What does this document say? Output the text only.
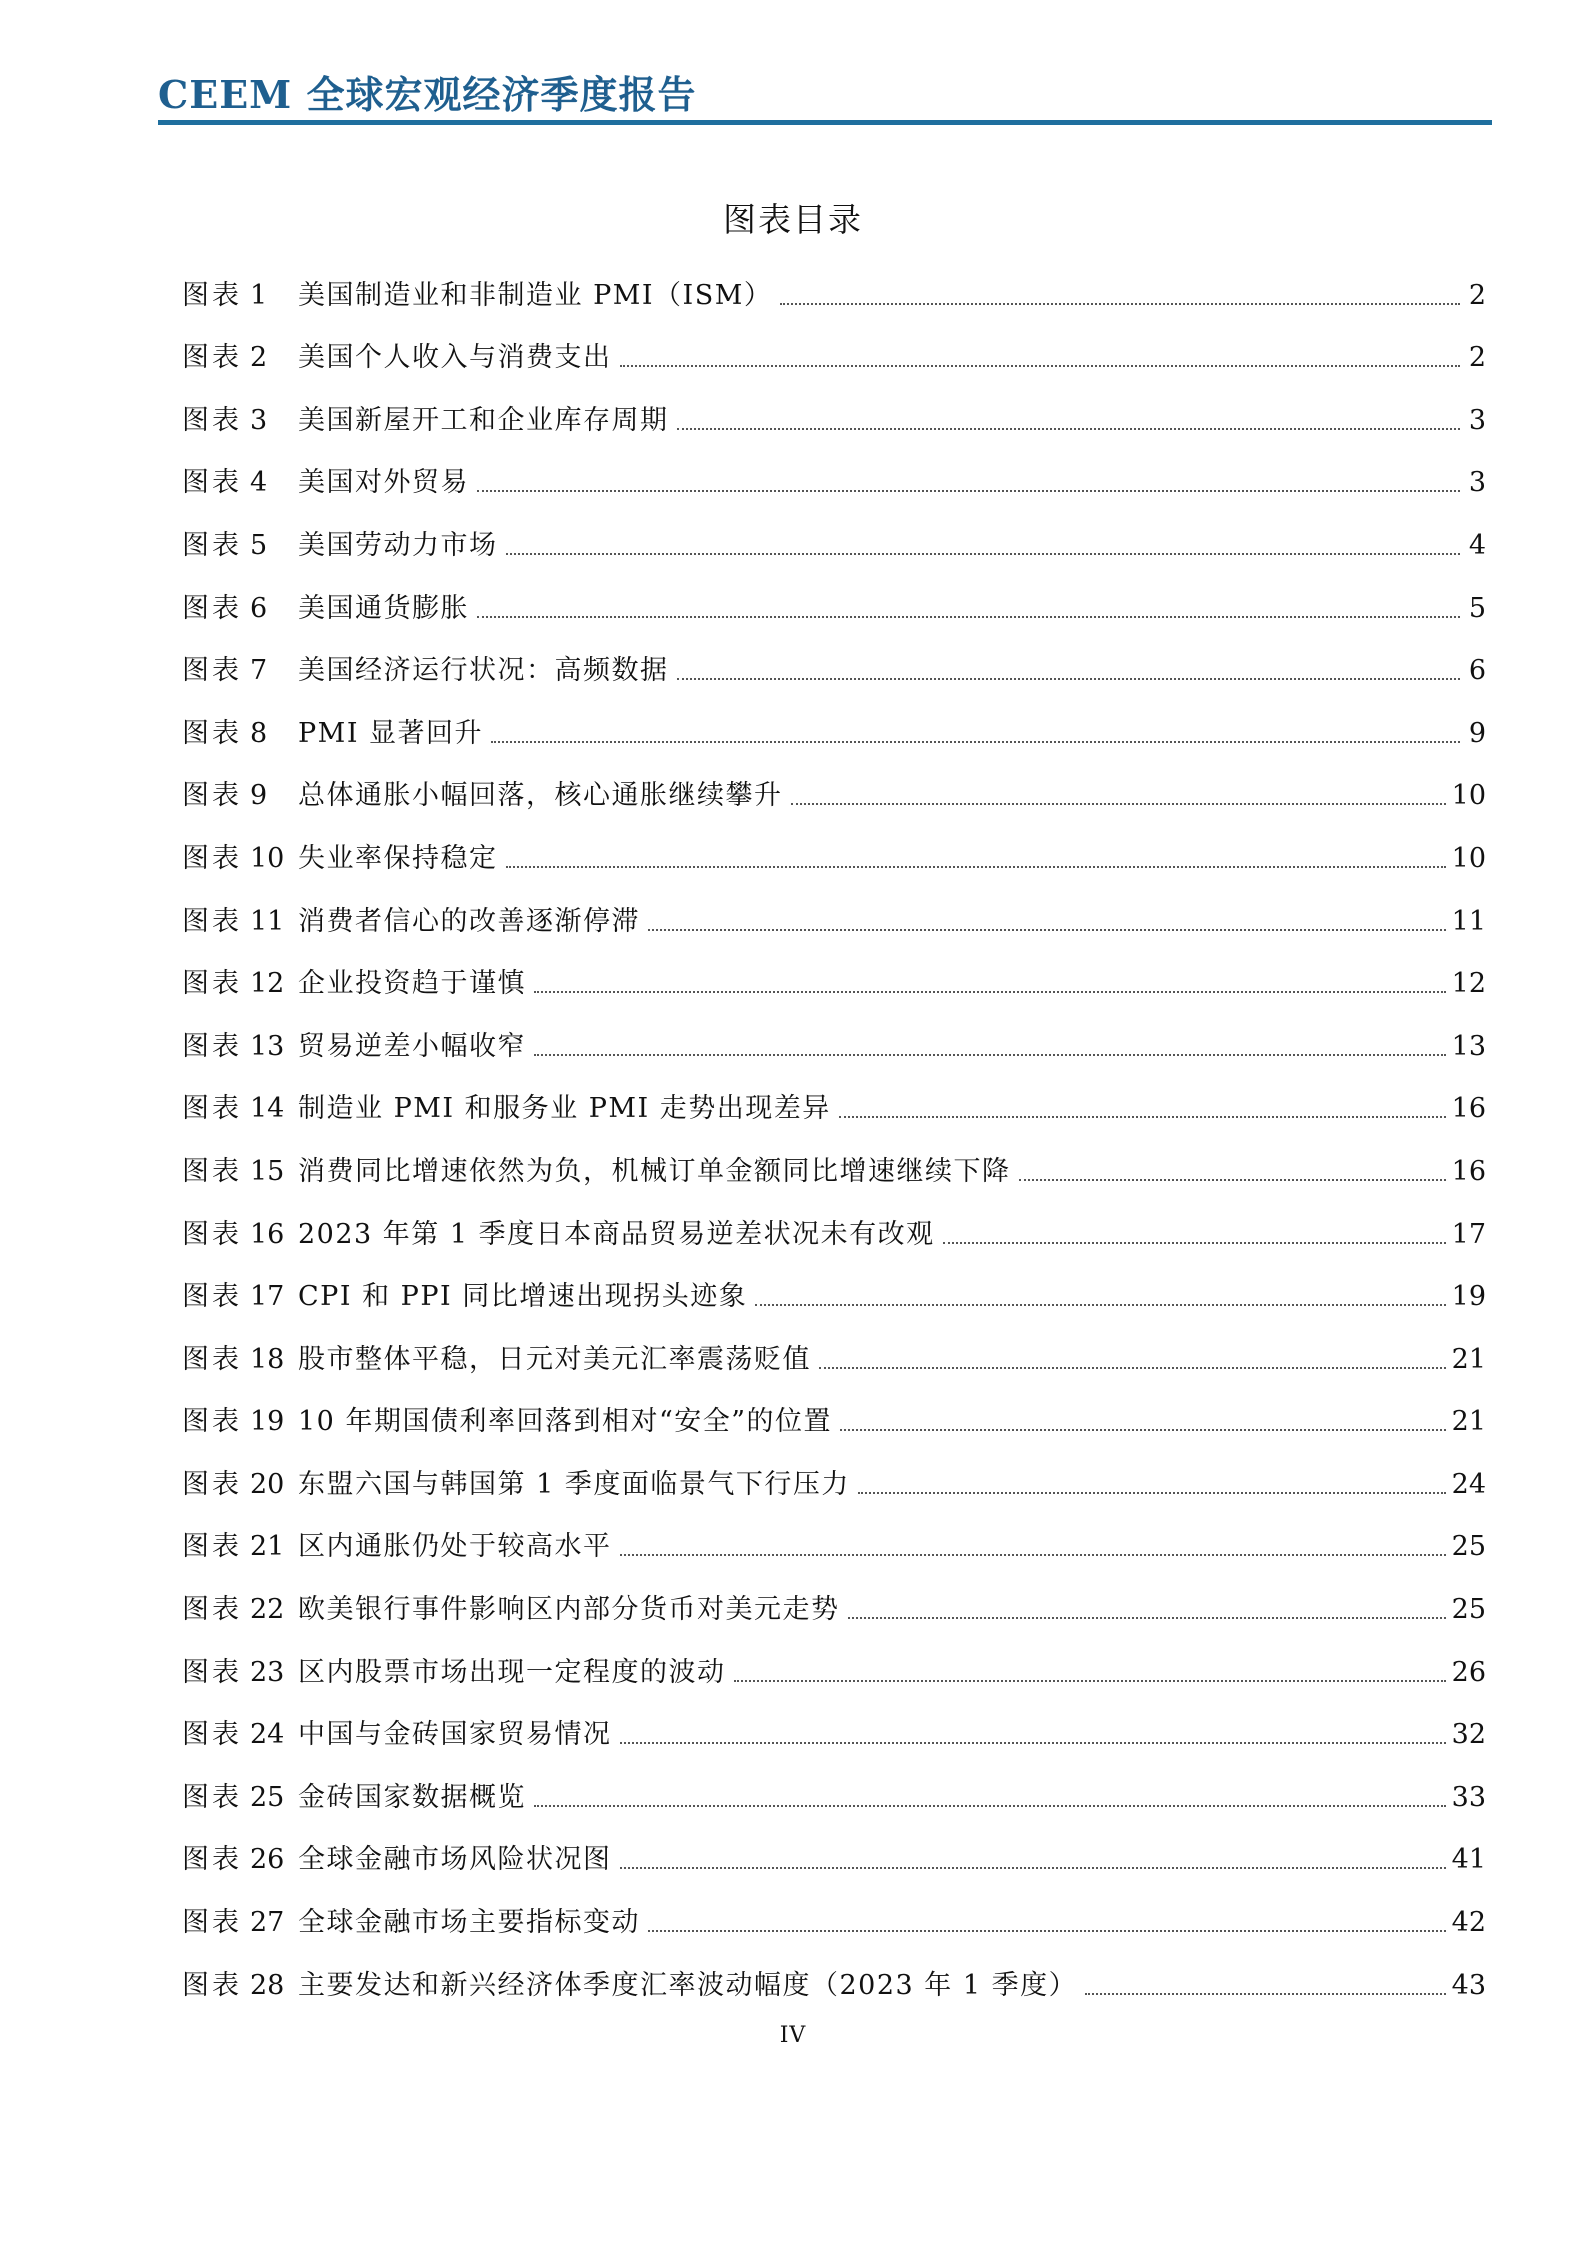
CEEM 全球宏观经济季度报告
图表目录
图表 1	美国制造业和非制造业 PMI（ISM）	2
图表 2	美国个人收入与消费支出	2
图表 3	美国新屋开工和企业库存周期	3
图表 4	美国对外贸易	3
图表 5	美国劳动力市场	4
图表 6	美国通货膨胀	5
图表 7	美国经济运行状况：高频数据	6
图表 8	PMI 显著回升	9
图表 9	总体通胀小幅回落，核心通胀继续攀升	10
图表 10 失业率保持稳定	10
图表 11 消费者信心的改善逐渐停滞	11
图表 12 企业投资趋于谨慎	12
图表 13 贸易逆差小幅收窄	13
图表 14 制造业 PMI 和服务业 PMI 走势出现差异	16
图表 15 消费同比增速依然为负，机械订单金额同比增速继续下降	16
图表 16 2023 年第 1 季度日本商品贸易逆差状况未有改观	17
图表 17 CPI 和 PPI 同比增速出现拐头迹象	19
图表 18 股市整体平稳，日元对美元汇率震荡贬值	21
图表 19 10 年期国债利率回落到相对“安全”的位置	21
图表 20 东盟六国与韩国第 1 季度面临景气下行压力	24
图表 21 区内通胀仍处于较高水平	25
图表 22 欧美银行事件影响区内部分货币对美元走势	25
图表 23 区内股票市场出现一定程度的波动	26
图表 24 中国与金砖国家贸易情况	32
图表 25 金砖国家数据概览	33
图表 26 全球金融市场风险状况图	41
图表 27 全球金融市场主要指标变动	42
图表 28 主要发达和新兴经济体季度汇率波动幅度（2023 年 1 季度）	43
IV
